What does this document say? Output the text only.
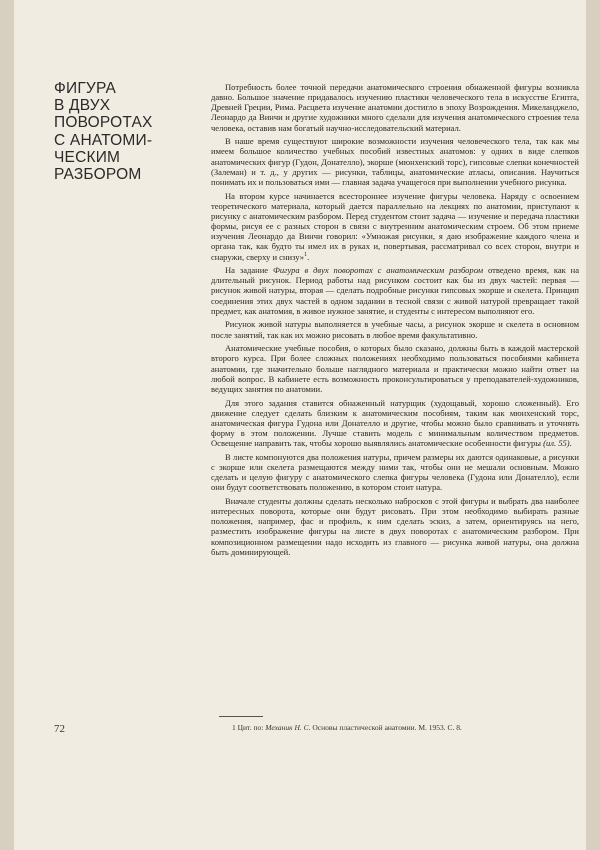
ФИГУРА
В ДВУХ
ПОВОРОТАХ
С АНАТОМИ-
ЧЕСКИМ
РАЗБОРОМ

Потребность более точной передачи анатомического строения обнаженной фигуры возникла давно. Большое значение придавалось изучению пластики человеческого тела в искусстве Египта, Древней Греции, Рима. Расцвета изучение анатомии достигло в эпоху Возрождения. Микеланджело, Леонардо да Винчи и другие художники много сделали для изучения анатомического строения тела человека, оставив нам богатый научно-исследовательский материал.

В наше время существуют широкие возможности изучения человеческого тела, так как мы имеем большое количество учебных пособий известных анатомов: у одних в виде слепков анатомических фигур (Гудон, Донателло), экорше (мюнхенский торс), гипсовые слепки конечностей (Залеман) и т. д., у других — рисунки, таблицы, анатомические атласы, описания. Научиться понимать их и пользоваться ими — главная задача учащегося при выполнении учебного рисунка.

На втором курсе начинается всестороннее изучение фигуры человека. Наряду с освоением теоретического материала, который дается параллельно на лекциях по анатомии, приступают к рисунку с анатомическим разбором. Перед студентом стоит задача — изучение и передача пластики формы, рисуя ее с разных сторон в связи с внутренним анатомическим строем. Об этом приеме изучения Леонардо да Винчи говорил: «Умножая рисунки, я даю изображение каждого члена и органа так, как будто ты имел их в руках и, повертывая, рассматривал со всех сторон, внутри и снаружи, сверху и снизу»$^1$.

На задание Фигура в двух поворотах с анатомическим разбором отведено время, как на длительный рисунок. Период работы над рисунком состоит как бы из двух частей: первая — рисунок живой натуры, вторая — сделать подробные рисунки гипсовых экорше и скелета. Принцип соединения этих двух частей в одном задании в тесной связи с живой натурой превращает такой предмет, как анатомия, в живое нужное занятие, и студенты с интересом выполняют его.

Рисунок живой натуры выполняется в учебные часы, а рисунок экорше и скелета в основном после занятий, так как их можно рисовать в любое время факультативно.

Анатомические учебные пособия, о которых было сказано, должны быть в каждой мастерской второго курса. При более сложных положениях необходимо пользоваться пособиями кабинета анатомии, где значительно больше наглядного материала и практически можно найти ответ на любой вопрос. В кабинете есть возможность проконсультироваться у преподавателей-художников, ведущих занятия по анатомии.

Для этого задания ставится обнаженный натурщик (худощавый, хорошо сложенный). Его движение следует сделать близким к анатомическим пособиям, таким как мюнхенский торс, анатомическая фигура Гудона или Донателло и другие, чтобы можно было сравнивать и уточнять форму в этом положении. Лучше ставить модель с минимальным количеством предметов. Освещение направить так, чтобы хорошо выявлялись анатомические особенности фигуры (ил. 55).

В листе компонуются два положения натуры, причем размеры их даются одинаковые, а рисунки с экорше или скелета размещаются между ними так, чтобы они не мешали основным. Можно сделать и целую фигуру с анатомического слепка фигуры человека (Гудона или Донателло), если они будут соответствовать положению, в котором стоит натура.

Вначале студенты должны сделать несколько набросков с этой фигуры и выбрать два наиболее интересных поворота, которые они будут рисовать. При этом необходимо выбирать разные положения, например, фас и профиль, к ним сделать эскиз, а затем, ориентируясь на него, разместить изображение фигуры на листе в двух поворотах с анатомическим разбором. При композиционном размещении надо исходить из главного — рисунка живой натуры, она должна быть доминирующей.

72	1 Цит. по: Механик Н. С. Основы пластической анатомии. М. 1953. С. 8.
